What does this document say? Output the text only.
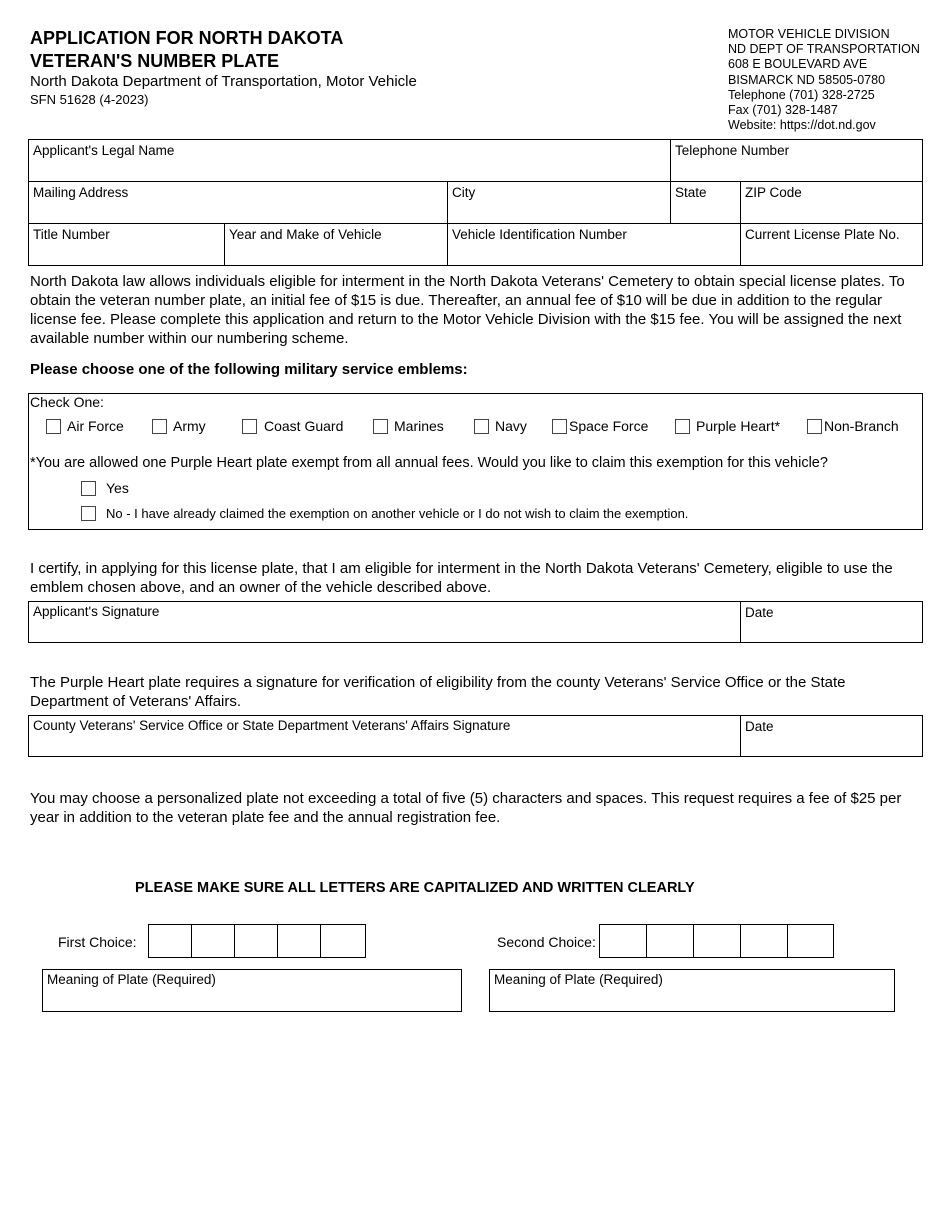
APPLICATION FOR NORTH DAKOTA
VETERAN'S NUMBER PLATE
North Dakota Department of Transportation, Motor Vehicle
SFN 51628 (4-2023)
MOTOR VEHICLE DIVISION
ND DEPT OF TRANSPORTATION
608 E BOULEVARD AVE
BISMARCK ND 58505-0780
Telephone (701) 328-2725
Fax (701) 328-1487
Website: https://dot.nd.gov
Applicant's Legal Name	Telephone Number
Mailing Address	City	State	ZIP Code
Title Number	Year and Make of Vehicle	Vehicle Identification Number	Current License Plate No.
North Dakota law allows individuals eligible for interment in the North Dakota Veterans' Cemetery to obtain special license plates. To obtain the veteran number plate, an initial fee of $15 is due. Thereafter, an annual fee of $10 will be due in addition to the regular license fee. Please complete this application and return to the Motor Vehicle Division with the $15 fee. You will be assigned the next available number within our numbering scheme.
Please choose one of the following military service emblems:
Check One:
Air Force	Army	Coast Guard	Marines	Navy	Space Force	Purple Heart*	Non-Branch
*You are allowed one Purple Heart plate exempt from all annual fees. Would you like to claim this exemption for this vehicle?
Yes
No - I have already claimed the exemption on another vehicle or I do not wish to claim the exemption.
I certify, in applying for this license plate, that I am eligible for interment in the North Dakota Veterans' Cemetery, eligible to use the emblem chosen above, and an owner of the vehicle described above.
Applicant's Signature	Date
The Purple Heart plate requires a signature for verification of eligibility from the county Veterans' Service Office or the State Department of Veterans' Affairs.
County Veterans' Service Office or State Department Veterans' Affairs Signature	Date
You may choose a personalized plate not exceeding a total of five (5) characters and spaces. This request requires a fee of $25 per year in addition to the veteran plate fee and the annual registration fee.
PLEASE MAKE SURE ALL LETTERS ARE CAPITALIZED AND WRITTEN CLEARLY
First Choice:	Second Choice:
Meaning of Plate (Required)	Meaning of Plate (Required)
